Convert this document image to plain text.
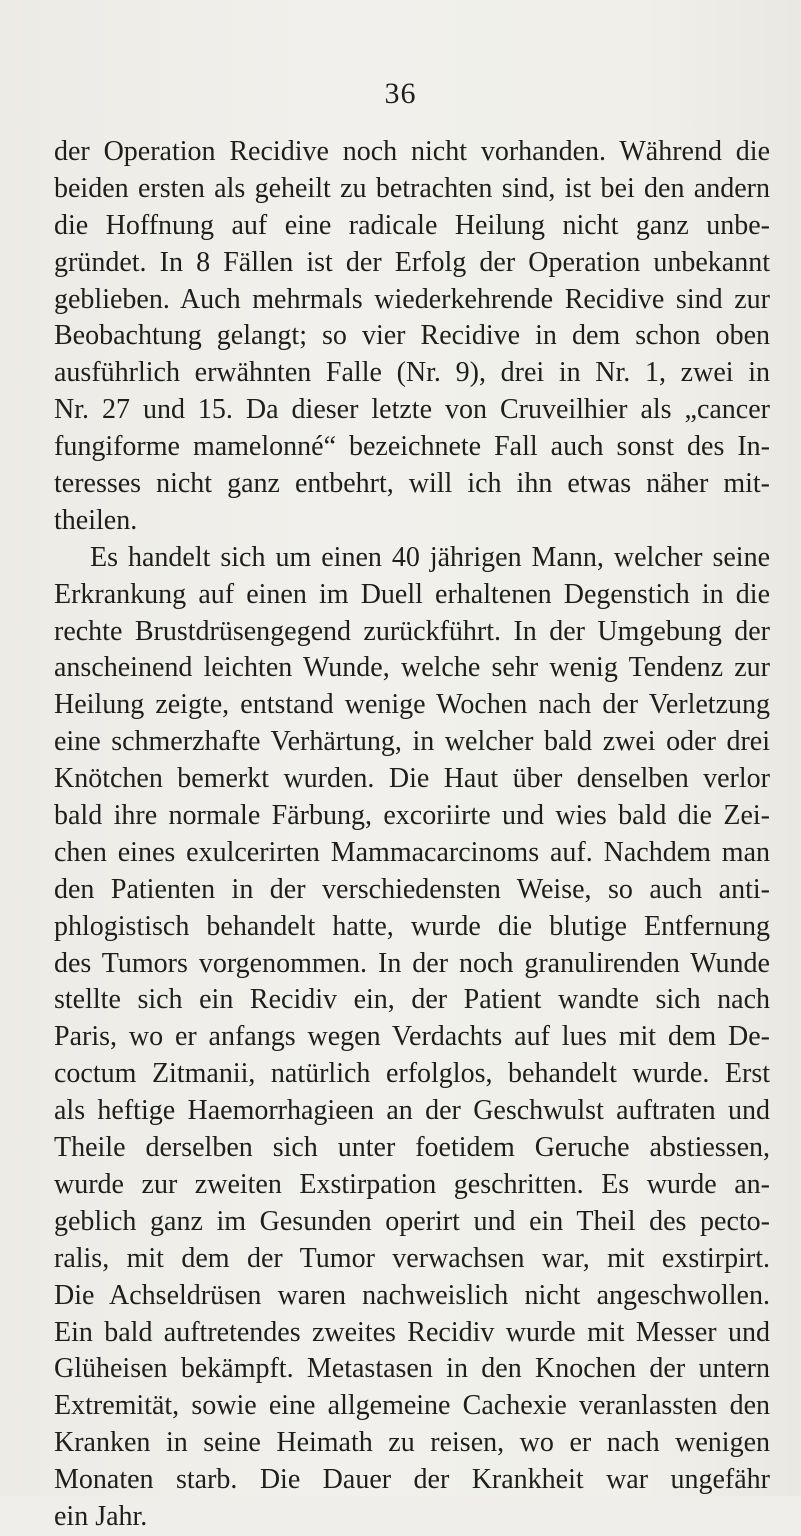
36
der Operation Recidive noch nicht vorhanden. Während die
beiden ersten als geheilt zu betrachten sind, ist bei den andern
die Hoffnung auf eine radicale Heilung nicht ganz unbe-
gründet. In 8 Fällen ist der Erfolg der Operation unbekannt
geblieben. Auch mehrmals wiederkehrende Recidive sind zur
Beobachtung gelangt; so vier Recidive in dem schon oben
ausführlich erwähnten Falle (Nr. 9), drei in Nr. 1, zwei in
Nr. 27 und 15. Da dieser letzte von Cruveilhier als „cancer
fungiforme mamelonné“ bezeichnete Fall auch sonst des In-
teresses nicht ganz entbehrt, will ich ihn etwas näher mit-
theilen.
Es handelt sich um einen 40 jährigen Mann, welcher seine
Erkrankung auf einen im Duell erhaltenen Degenstich in die
rechte Brustdrüsengegend zurückführt. In der Umgebung der
anscheinend leichten Wunde, welche sehr wenig Tendenz zur
Heilung zeigte, entstand wenige Wochen nach der Verletzung
eine schmerzhafte Verhärtung, in welcher bald zwei oder drei
Knötchen bemerkt wurden. Die Haut über denselben verlor
bald ihre normale Färbung, excoriirte und wies bald die Zei-
chen eines exulcerirten Mammacarcinoms auf. Nachdem man
den Patienten in der verschiedensten Weise, so auch anti-
phlogistisch behandelt hatte, wurde die blutige Entfernung
des Tumors vorgenommen. In der noch granulirenden Wunde
stellte sich ein Recidiv ein, der Patient wandte sich nach
Paris, wo er anfangs wegen Verdachts auf lues mit dem De-
coctum Zitmanii, natürlich erfolglos, behandelt wurde. Erst
als heftige Haemorrhagieen an der Geschwulst auftraten und
Theile derselben sich unter foetidem Geruche abstiessen,
wurde zur zweiten Exstirpation geschritten. Es wurde an-
geblich ganz im Gesunden operirt und ein Theil des pecto-
ralis, mit dem der Tumor verwachsen war, mit exstirpirt.
Die Achseldrüsen waren nachweislich nicht angeschwollen.
Ein bald auftretendes zweites Recidiv wurde mit Messer und
Glüheisen bekämpft. Metastasen in den Knochen der untern
Extremität, sowie eine allgemeine Cachexie veranlassten den
Kranken in seine Heimath zu reisen, wo er nach wenigen
Monaten starb. Die Dauer der Krankheit war ungefähr
ein Jahr.
